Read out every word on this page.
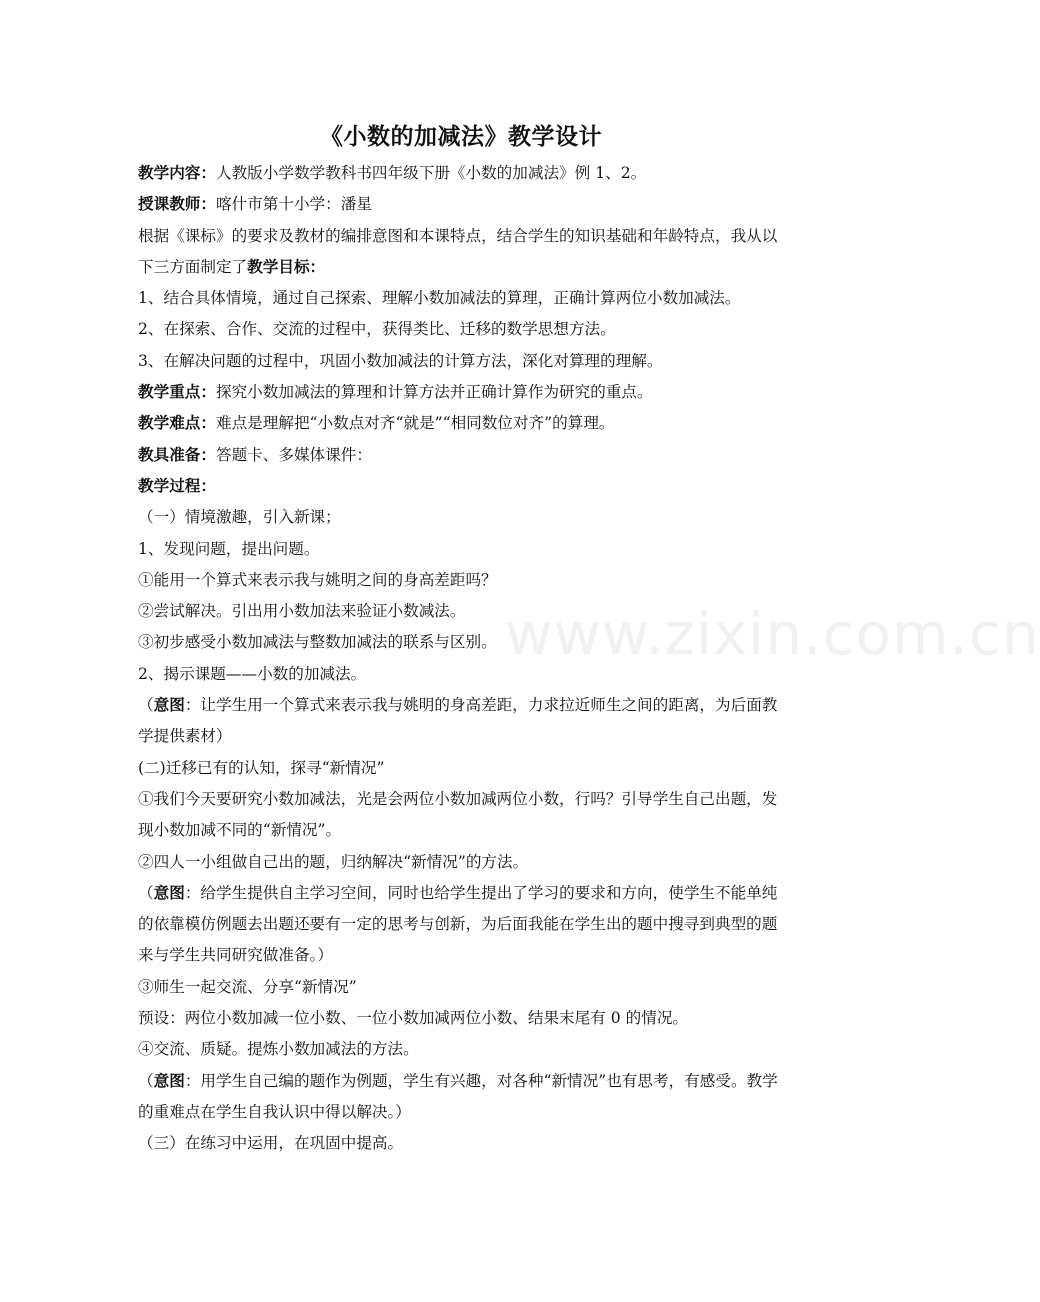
《小数的加减法》教学设计

教学内容：人教版小学数学教科书四年级下册《小数的加减法》例 1、2。

授课教师：喀什市第十小学：潘星

根据《课标》的要求及教材的编排意图和本课特点，结合学生的知识基础和年龄特点，我从以下三方面制定了教学目标：

1、结合具体情境，通过自己探索、理解小数加减法的算理，正确计算两位小数加减法。

2、在探索、合作、交流的过程中，获得类比、迁移的数学思想方法。

3、在解决问题的过程中，巩固小数加减法的计算方法，深化对算理的理解。

教学重点：探究小数加减法的算理和计算方法并正确计算作为研究的重点。

教学难点：难点是理解把“小数点对齐“就是”“相同数位对齐”的算理。

教具准备：答题卡、多媒体课件：

教学过程：

（一）情境激趣，引入新课；

1、发现问题，提出问题。

①能用一个算式来表示我与姚明之间的身高差距吗？

②尝试解决。引出用小数加法来验证小数减法。

③初步感受小数加减法与整数加减法的联系与区别。

2、揭示课题——小数的加减法。

（意图：让学生用一个算式来表示我与姚明的身高差距，力求拉近师生之间的距离，为后面教学提供素材）

(二)迁移已有的认知，探寻“新情况”

①我们今天要研究小数加减法，光是会两位小数加减两位小数，行吗？引导学生自己出题，发现小数加减不同的“新情况”。

②四人一小组做自己出的题，归纳解决“新情况”的方法。

（意图：给学生提供自主学习空间，同时也给学生提出了学习的要求和方向，使学生不能单纯的依靠模仿例题去出题还要有一定的思考与创新，为后面我能在学生出的题中搜寻到典型的题来与学生共同研究做准备。）

③师生一起交流、分享“新情况”

预设：两位小数加减一位小数、一位小数加减两位小数、结果末尾有 0 的情况。

④交流、质疑。提炼小数加减法的方法。

（意图：用学生自己编的题作为例题，学生有兴趣，对各种“新情况”也有思考，有感受。教学的重难点在学生自我认识中得以解决。）

（三）在练习中运用，在巩固中提高。

www.zixin.com.cn
